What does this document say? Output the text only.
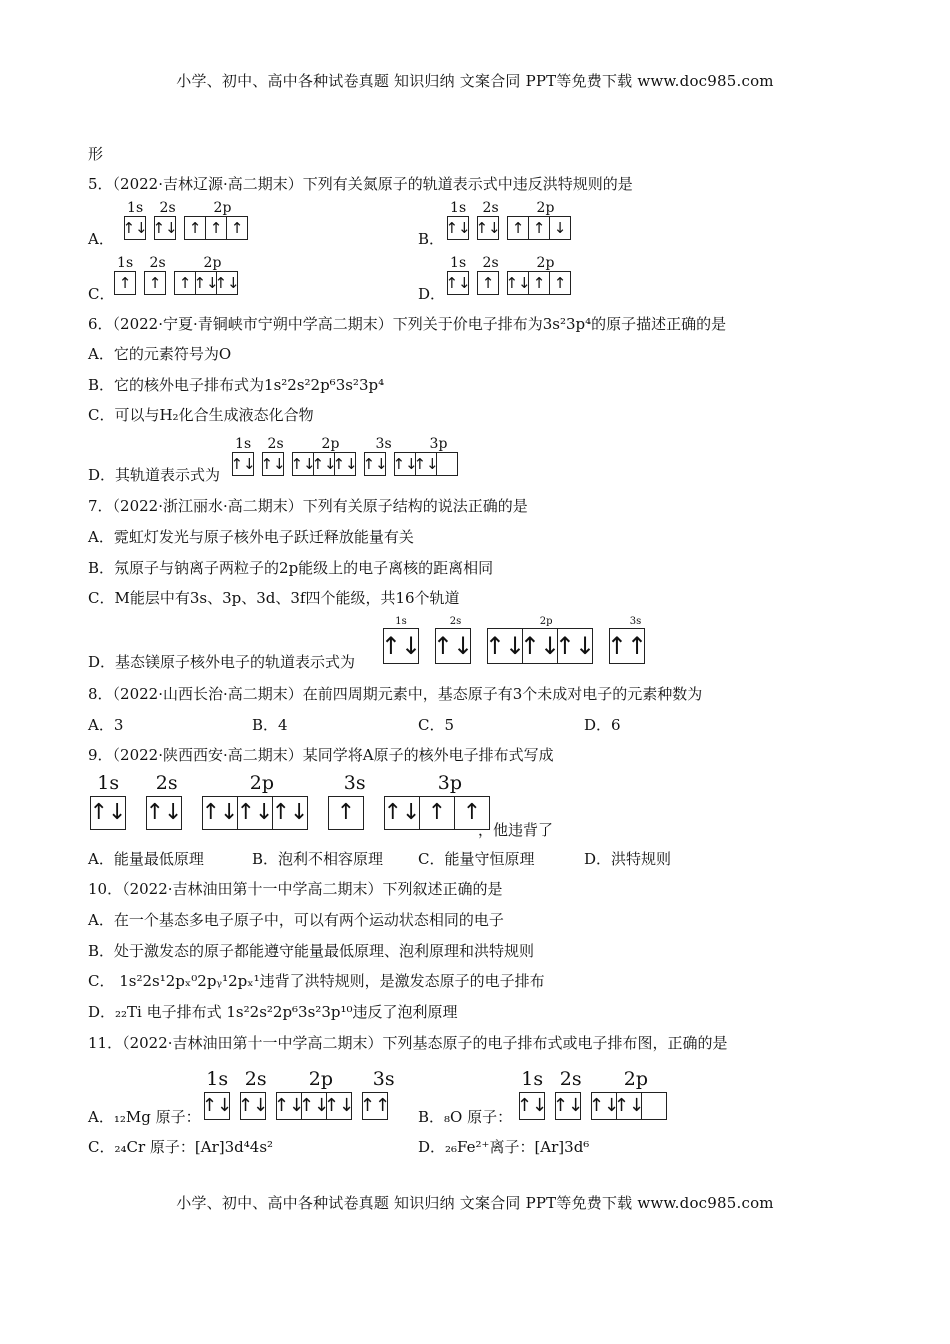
小学、初中、高中各种试卷真题 知识归纳 文案合同 PPT等免费下载 www.doc985.com
形
5．（2022·吉林辽源·高二期末）下列有关氮原子的轨道表示式中违反洪特规则的是
A．
1s 2s	2p
↑↓ ↑↓ ↑ ↑ ↑
B．
1s 2s	2p
↑↓ ↑↓ ↑ ↑ ↓
C．
1s 2s	2p
↑ ↑ ↑ ↑↓
↑↓
D．
1s 2s	2p
↑↓ ↑ ↑↓ ↑ ↑
6．（2022·宁夏·青铜峡市宁朔中学高二期末）下列关于价电子排布为3s²3p⁴的原子描述正确的是
A．它的元素符号为O
B．它的核外电子排布式为1s²2s²2p⁶3s²3p⁴
C．可以与H₂化合生成液态化合物
D．其轨道表示式为
1s 2s	2p	3s	3p
↑↓ ↑↓ ↑↓
↑↓
↑↓ ↑↓ ↑↓
↑↓
7．（2022·浙江丽水·高二期末）下列有关原子结构的说法正确的是
A．霓虹灯发光与原子核外电子跃迁释放能量有关
B．氖原子与钠离子两粒子的2p能级上的电子离核的距离相同
C．M能层中有3s、3p、3d、3f四个能级，共16个轨道
D．基态镁原子核外电子的轨道表示式为
1s	2s	2p	3s
↑↓ ↑↓ ↑↓
↑↓
↑↓ ↑↑
8．（2022·山西长治·高二期末）在前四周期元素中，基态原子有3个未成对电子的元素种数为
A．3	B．4	C．5	D．6
9．（2022·陕西西安·高二期末）某同学将A原子的核外电子排布式写成
1s 2s	2p	3s	3p
↑↓ ↑↓ ↑↓
↑↓
↑↓ ↑ ↑↓ ↑ ↑
，他违背了
A．能量最低原理	B．泡利不相容原理 C．能量守恒原理	D．洪特规则
10．（2022·吉林油田第十一中学高二期末）下列叙述正确的是
A．在一个基态多电子原子中，可以有两个运动状态相同的电子
B．处于激发态的原子都能遵守能量最低原理、泡利原理和洪特规则
C． 1s²2s¹2pₓ⁰2pᵧ¹2pₓ¹违背了洪特规则，是激发态原子的电子排布
D．₂₂Ti 电子排布式 1s²2s²2p⁶3s²3p¹⁰违反了泡利原理
11．（2022·吉林油田第十一中学高二期末）下列基态原子的电子排布式或电子排布图，正确的是
A．₁₂Mg 原子：
1s 2s 2p 3s
↑↓ ↑↓ ↑↓
↑↓
↑↓ ↑↑
B．₈O 原子：
1s 2s 2p
↑↓ ↑↓ ↑↓
↑↓
C．₂₄Cr 原子：[Ar]3d⁴4s²	D．₂₆Fe²⁺离子：[Ar]3d⁶
小学、初中、高中各种试卷真题 知识归纳 文案合同 PPT等免费下载 www.doc985.com
